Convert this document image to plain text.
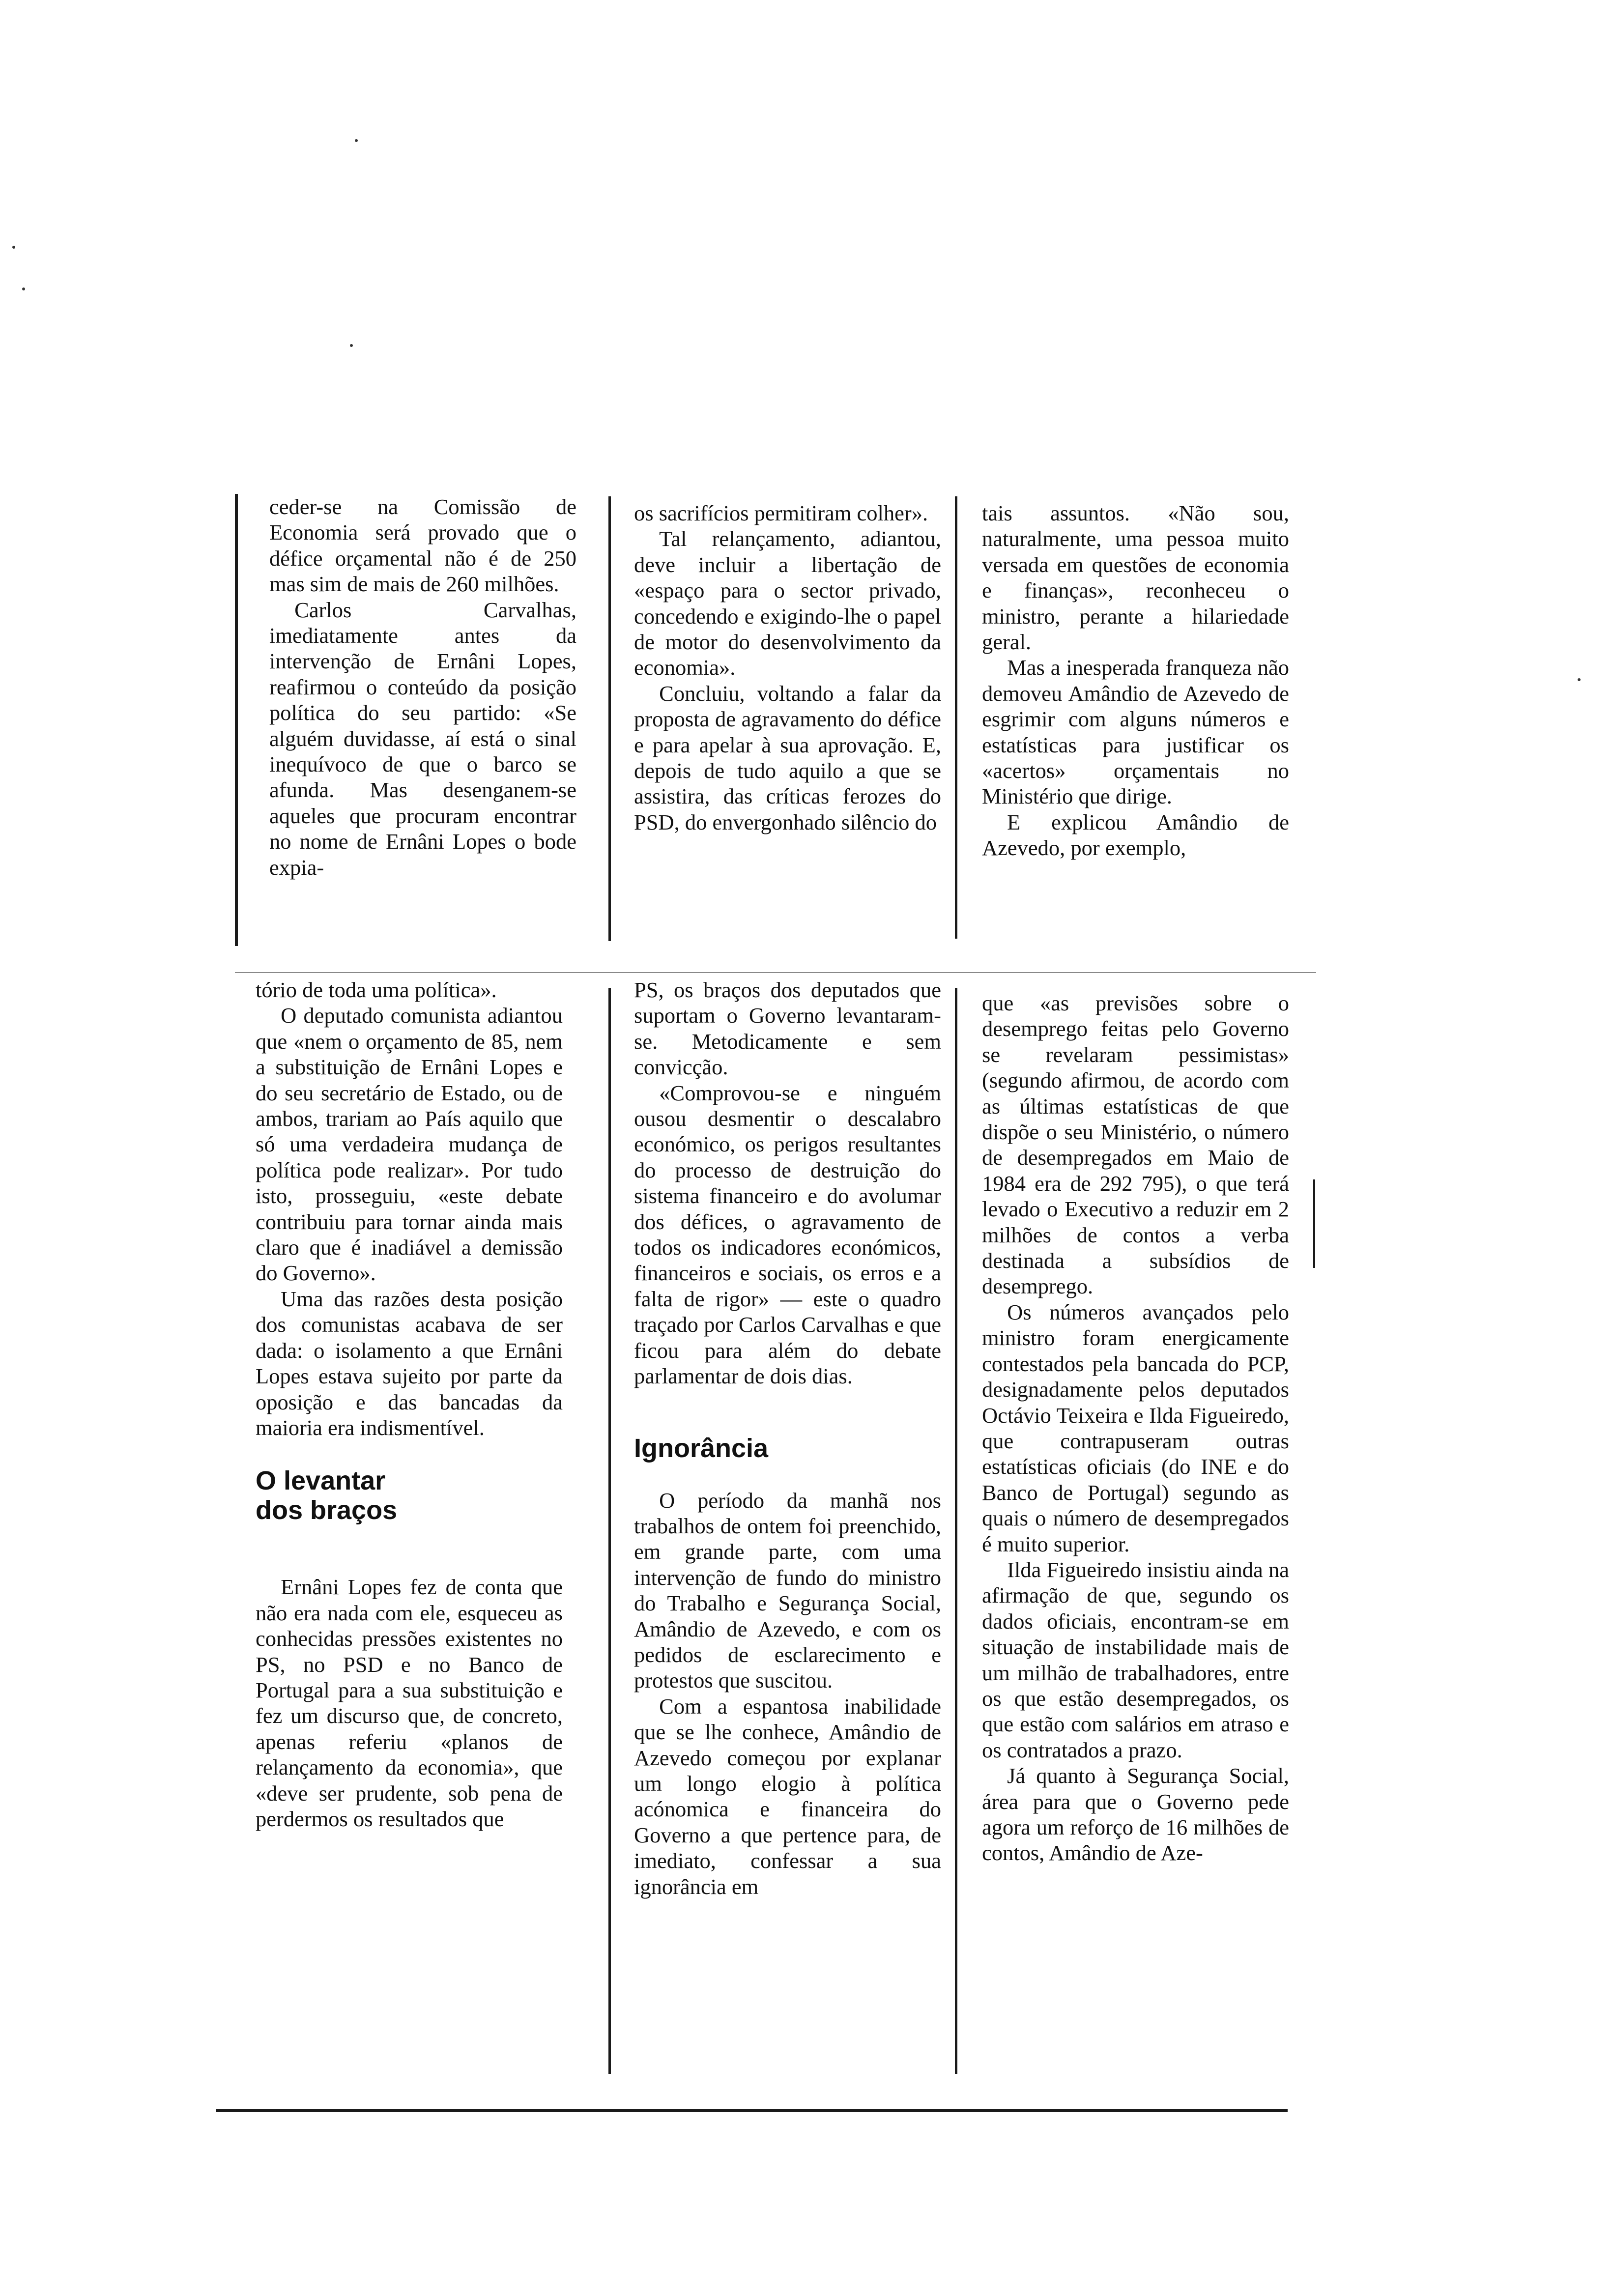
ceder-se na Comissão de Economia será provado que o défice orçamental não é de 250 mas sim de mais de 260 milhões.

Carlos Carvalhas, imediatamente antes da intervenção de Ernâni Lopes, reafirmou o conteúdo da posição política do seu partido: «Se alguém duvidasse, aí está o sinal inequívoco de que o barco se afunda. Mas desenganem-se aqueles que procuram encontrar no nome de Ernâni Lopes o bode expia-

os sacrifícios permitiram colher».

Tal relançamento, adiantou, deve incluir a libertação de «espaço para o sector privado, concedendo e exigindo-lhe o papel de motor do desenvolvimento da economia».

Concluiu, voltando a falar da proposta de agravamento do défice e para apelar à sua aprovação. E, depois de tudo aquilo a que se assistira, das críticas ferozes do PSD, do envergonhado silêncio do

tais assuntos. «Não sou, naturalmente, uma pessoa muito versada em questões de economia e finanças», reconheceu o ministro, perante a hilariedade geral.

Mas a inesperada franqueza não demoveu Amândio de Azevedo de esgrimir com alguns números e estatísticas para justificar os «acertos» orçamentais no Ministério que dirige.

E explicou Amândio de Azevedo, por exemplo,

tório de toda uma política».

O deputado comunista adiantou que «nem o orçamento de 85, nem a substituição de Ernâni Lopes e do seu secretário de Estado, ou de ambos, trariam ao País aquilo que só uma verdadeira mudança de política pode realizar». Por tudo isto, prosseguiu, «este debate contribuiu para tornar ainda mais claro que é inadiável a demissão do Governo».

Uma das razões desta posição dos comunistas acabava de ser dada: o isolamento a que Ernâni Lopes estava sujeito por parte da oposição e das bancadas da maioria era indismentível.

O levantar dos braços

Ernâni Lopes fez de conta que não era nada com ele, esqueceu as conhecidas pressões existentes no PS, no PSD e no Banco de Portugal para a sua substituição e fez um discurso que, de concreto, apenas referiu «planos de relançamento da economia», que «deve ser prudente, sob pena de perdermos os resultados que

PS, os braços dos deputados que suportam o Governo levantaram-se. Metodicamente e sem convicção.

«Comprovou-se e ninguém ousou desmentir o descalabro económico, os perigos resultantes do processo de destruição do sistema financeiro e do avolumar dos défices, o agravamento de todos os indicadores económicos, financeiros e sociais, os erros e a falta de rigor» — este o quadro traçado por Carlos Carvalhas e que ficou para além do debate parlamentar de dois dias.

Ignorância

O período da manhã nos trabalhos de ontem foi preenchido, em grande parte, com uma intervenção de fundo do ministro do Trabalho e Segurança Social, Amândio de Azevedo, e com os pedidos de esclarecimento e protestos que suscitou.

Com a espantosa inabilidade que se lhe conhece, Amândio de Azevedo começou por explanar um longo elogio à política acónomica e financeira do Governo a que pertence para, de imediato, confessar a sua ignorância em

que «as previsões sobre o desemprego feitas pelo Governo se revelaram pessimistas» (segundo afirmou, de acordo com as últimas estatísticas de que dispõe o seu Ministério, o número de desempregados em Maio de 1984 era de 292 795), o que terá levado o Executivo a reduzir em 2 milhões de contos a verba destinada a subsídios de desemprego.

Os números avançados pelo ministro foram energicamente contestados pela bancada do PCP, designadamente pelos deputados Octávio Teixeira e Ilda Figueiredo, que contrapuseram outras estatísticas oficiais (do INE e do Banco de Portugal) segundo as quais o número de desempregados é muito superior.

Ilda Figueiredo insistiu ainda na afirmação de que, segundo os dados oficiais, encontram-se em situação de instabilidade mais de um milhão de trabalhadores, entre os que estão desempregados, os que estão com salários em atraso e os contratados a prazo.

Já quanto à Segurança Social, área para que o Governo pede agora um reforço de 16 milhões de contos, Amândio de Aze-
